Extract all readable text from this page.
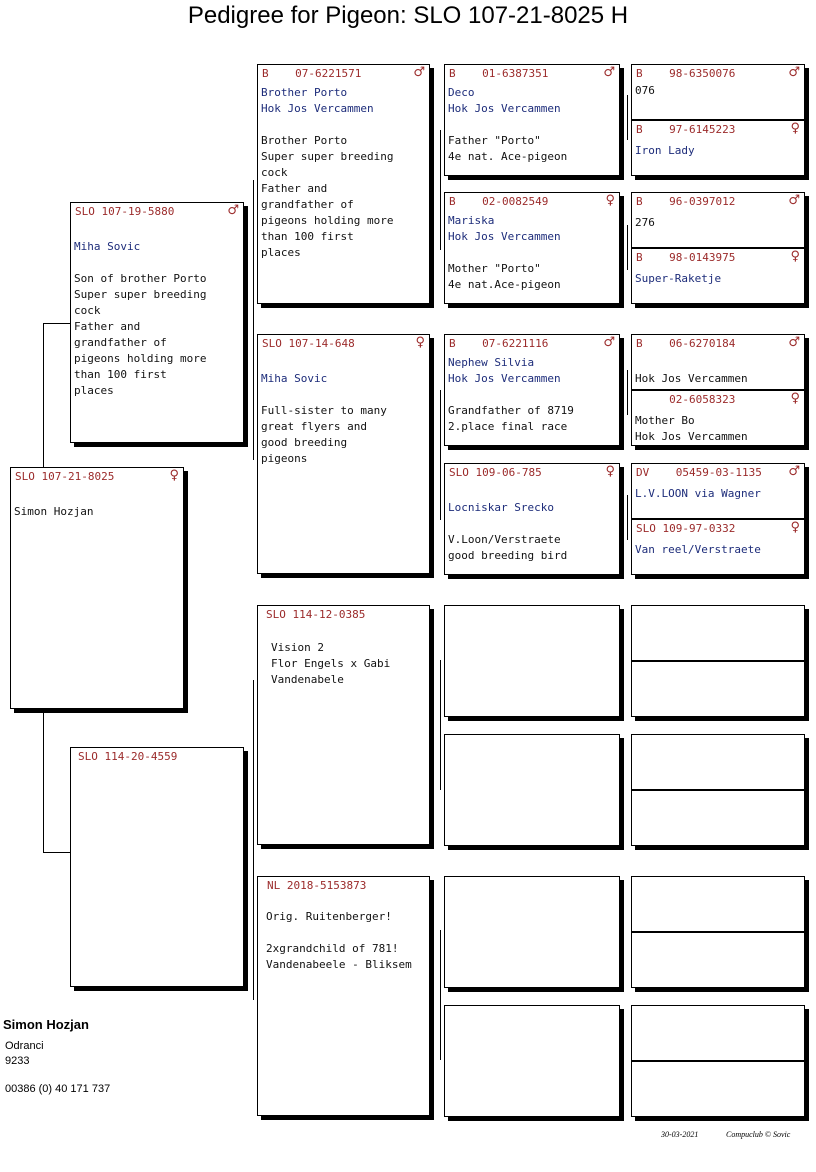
Pedigree for Pigeon: SLO 107-21-8025 H
SLO 107-21-8025	♀
Simon Hozjan
SLO 107-19-5880	♂
Miha Sovic
Son of brother Porto
Super super breeding
cock
Father and
grandfather of
pigeons holding more
than 100 first
places
SLO 114-20-4559
B    07-6221571	♂
Brother Porto
Hok Jos Vercammen
Brother Porto
Super super breeding
cock
Father and
grandfather of
pigeons holding more
than 100 first
places
SLO 107-14-648	♀
Miha Sovic
Full-sister to many
great flyers and
good breeding
pigeons
SLO 114-12-0385
Vision 2
Flor Engels x Gabi
Vandenabele
NL 2018-5153873
Orig. Ruitenberger!

2xgrandchild of 781!
Vandenabeele - Bliksem
B    01-6387351	♂
Deco
Hok Jos Vercammen
Father "Porto"
4e nat. Ace-pigeon
B    02-0082549	♀
Mariska
Hok Jos Vercammen
Mother "Porto"
4e nat.Ace-pigeon
B    07-6221116	♂
Nephew Silvia
Hok Jos Vercammen
Grandfather of 8719
2.place final race
SLO 109-06-785	♀
Locniskar Srecko
V.Loon/Verstraete
good breeding bird
B    98-6350076	♂
076
B    97-6145223	♀
Iron Lady
B    96-0397012	♂
276
B    98-0143975	♀
Super-Raketje
B    06-6270184	♂
Hok Jos Vercammen
02-6058323	♀
Mother Bo
Hok Jos Vercammen
DV    05459-03-1135 ♂
L.V.LOON via Wagner
SLO 109-97-0332	♀
Van reel/Verstraete
Simon Hozjan
Odranci
9233
00386 (0) 40 171 737
30-03-2021	Compuclub © Sovic
